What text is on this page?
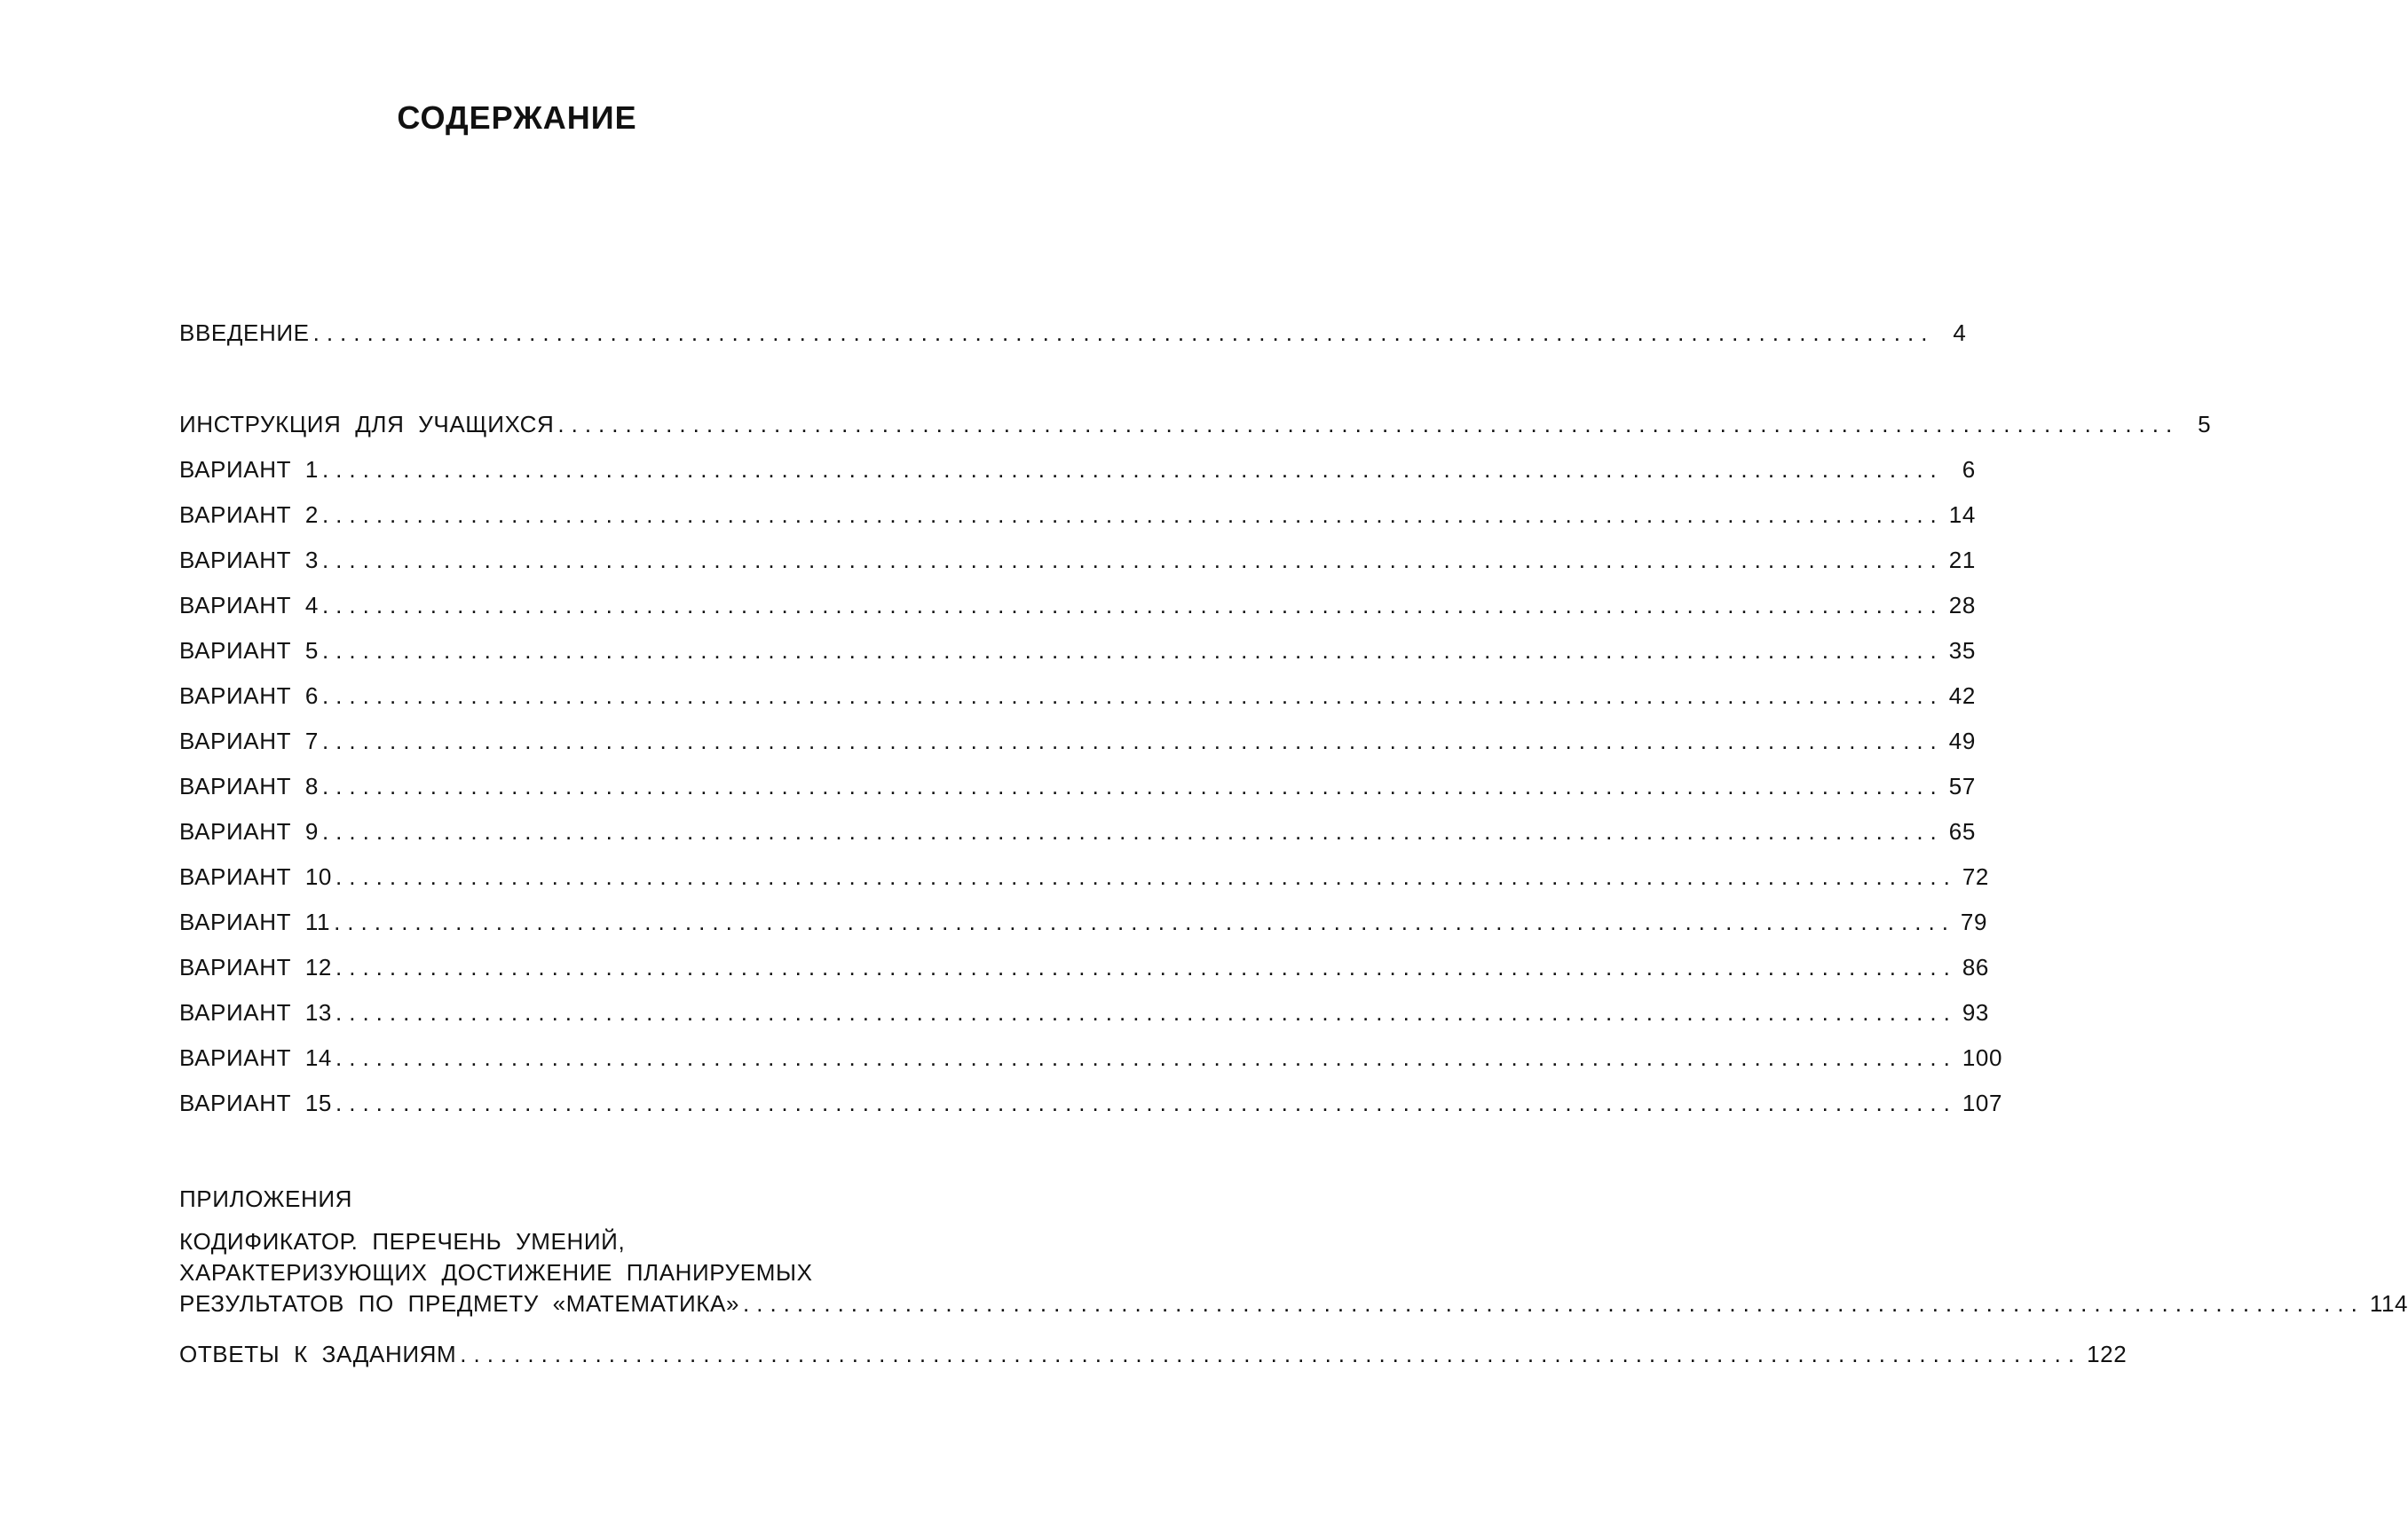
СОДЕРЖАНИЕ
ВВЕДЕНИЕ ........................................................................................................................ 4
ИНСТРУКЦИЯ ДЛЯ УЧАЩИХСЯ ........................................................................................................................ 5
ВАРИАНТ 1 ........................................................................................................................ 6
ВАРИАНТ 2 ........................................................................................................................ 14
ВАРИАНТ 3 ........................................................................................................................ 21
ВАРИАНТ 4 ........................................................................................................................ 28
ВАРИАНТ 5 ........................................................................................................................ 35
ВАРИАНТ 6 ........................................................................................................................ 42
ВАРИАНТ 7 ........................................................................................................................ 49
ВАРИАНТ 8 ........................................................................................................................ 57
ВАРИАНТ 9 ........................................................................................................................ 65
ВАРИАНТ 10 ........................................................................................................................ 72
ВАРИАНТ 11 ........................................................................................................................ 79
ВАРИАНТ 12 ........................................................................................................................ 86
ВАРИАНТ 13 ........................................................................................................................ 93
ВАРИАНТ 14 ........................................................................................................................ 100
ВАРИАНТ 15 ........................................................................................................................ 107
ПРИЛОЖЕНИЯ
КОДИФИКАТОР. ПЕРЕЧЕНЬ УМЕНИЙ,
ХАРАКТЕРИЗУЮЩИХ ДОСТИЖЕНИЕ ПЛАНИРУЕМЫХ
РЕЗУЛЬТАТОВ ПО ПРЕДМЕТУ «МАТЕМАТИКА» ........................................................................................................................ 114
ОТВЕТЫ К ЗАДАНИЯМ ........................................................................................................................ 122
